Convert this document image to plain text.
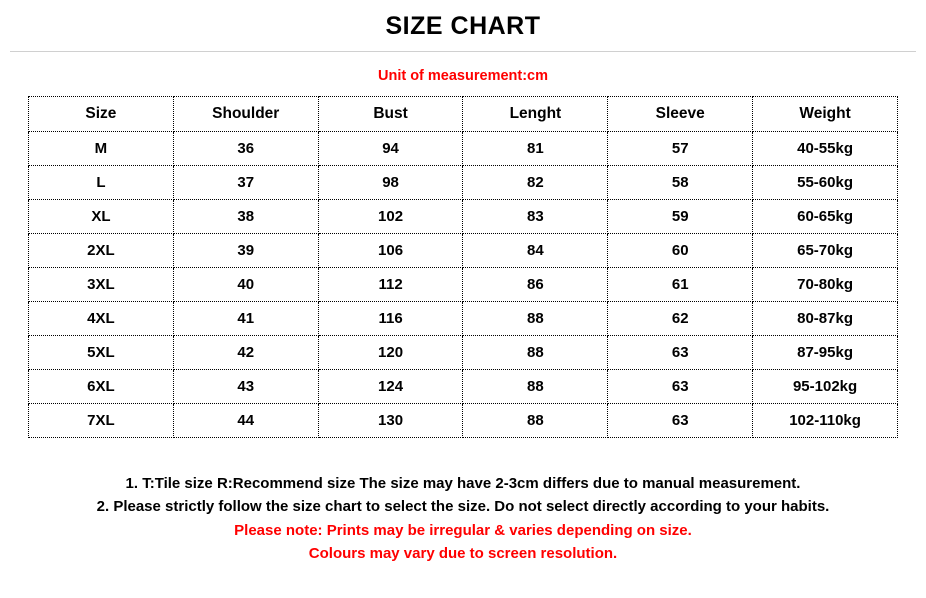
SIZE CHART
Unit of measurement:cm
Size	Shoulder	Bust	Lenght	Sleeve	Weight
M	36	94	81	57	40-55kg
L	37	98	82	58	55-60kg
XL	38	102	83	59	60-65kg
2XL	39	106	84	60	65-70kg
3XL	40	112	86	61	70-80kg
4XL	41	116	88	62	80-87kg
5XL	42	120	88	63	87-95kg
6XL	43	124	88	63	95-102kg
7XL	44	130	88	63	102-110kg
1. T:Tile size R:Recommend size The size may have 2-3cm differs due to manual measurement.
2. Please strictly follow the size chart to select the size. Do not select directly according to your habits.
Please note: Prints may be irregular & varies depending on size.
Colours may vary due to screen resolution.
